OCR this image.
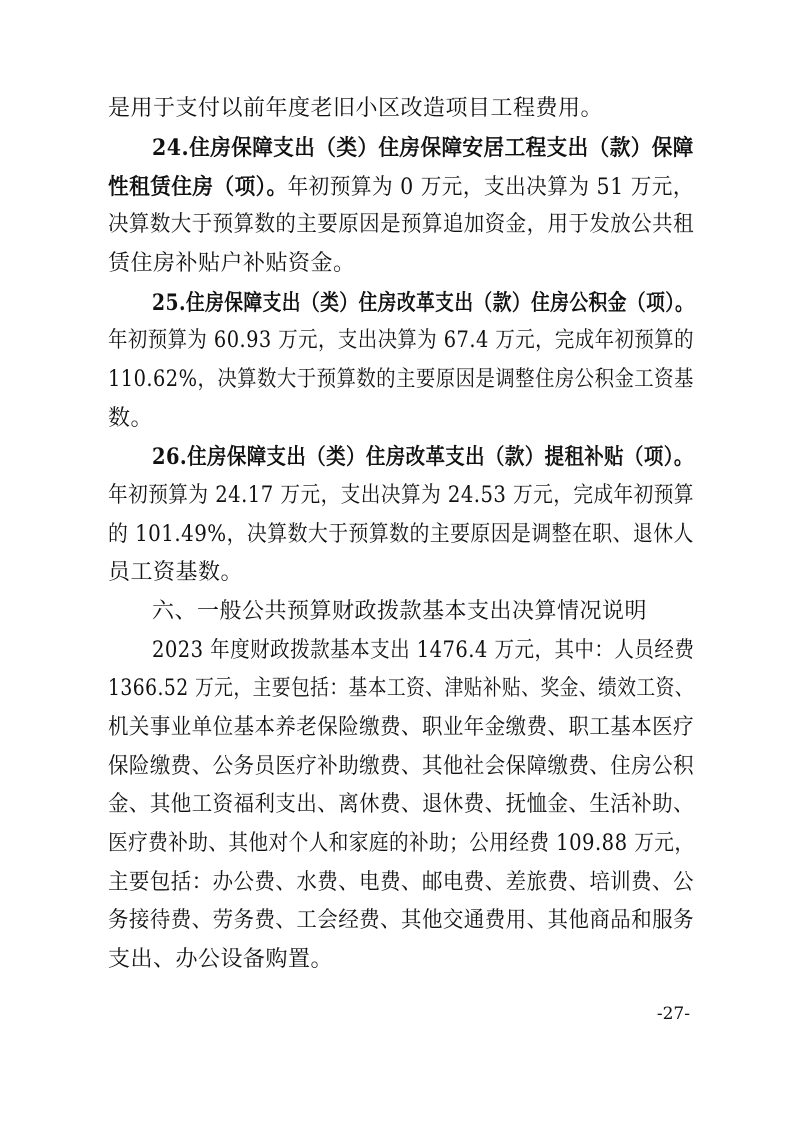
是用于支付以前年度老旧小区改造项目工程费用。
24.住房保障支出（类）住房保障安居工程支出（款）保障
性租赁住房（项）。年初预算为 0 万元，支出决算为 51 万元，
决算数大于预算数的主要原因是预算追加资金，用于发放公共租
赁住房补贴户补贴资金。
25.住房保障支出（类）住房改革支出（款）住房公积金（项）。
年初预算为 60.93 万元，支出决算为 67.4 万元，完成年初预算的
110.62%，决算数大于预算数的主要原因是调整住房公积金工资基
数。
26.住房保障支出（类）住房改革支出（款）提租补贴（项）。
年初预算为 24.17 万元，支出决算为 24.53 万元，完成年初预算
的 101.49%，决算数大于预算数的主要原因是调整在职、退休人
员工资基数。
六、一般公共预算财政拨款基本支出决算情况说明
2023 年度财政拨款基本支出 1476.4 万元，其中：人员经费
1366.52 万元，主要包括：基本工资、津贴补贴、奖金、绩效工资、
机关事业单位基本养老保险缴费、职业年金缴费、职工基本医疗
保险缴费、公务员医疗补助缴费、其他社会保障缴费、住房公积
金、其他工资福利支出、离休费、退休费、抚恤金、生活补助、
医疗费补助、其他对个人和家庭的补助；公用经费 109.88 万元，
主要包括：办公费、水费、电费、邮电费、差旅费、培训费、公
务接待费、劳务费、工会经费、其他交通费用、其他商品和服务
支出、办公设备购置。
-27-
